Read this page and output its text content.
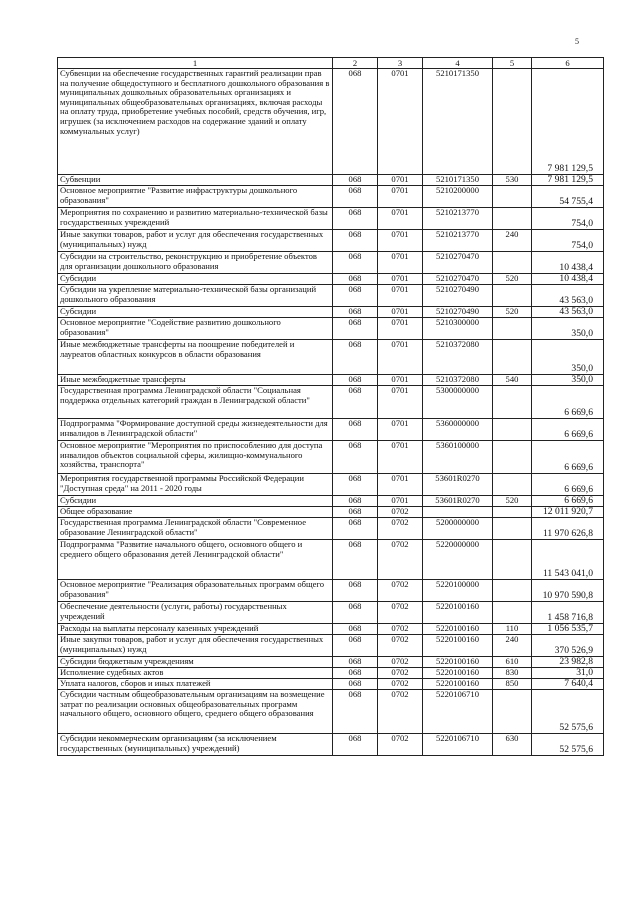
5
1	2	3	4	5	6
Субвенции на обеспечение государственных гарантий реализации прав на получение общедоступного и бесплатного дошкольного образования в муниципальных дошкольных образовательных организациях и муниципальных общеобразовательных организациях, включая расходы на оплату труда, приобретение учебных пособий, средств обучения, игр, игрушек (за исключением расходов на содержание зданий и оплату коммунальных услуг)	068	0701	5210171350		7 981 129,5
Субвенции	068	0701	5210171350	530	7 981 129,5
Основное мероприятие "Развитие инфраструктуры дошкольного образования"	068	0701	5210200000		54 755,4
Мероприятия по сохранению и развитию материально-технической базы государственных учреждений	068	0701	5210213770		754,0
Иные закупки товаров, работ и услуг для обеспечения государственных (муниципальных) нужд	068	0701	5210213770	240	754,0
Субсидии на строительство, реконструкцию и приобретение объектов для организации дошкольного образования	068	0701	5210270470		10 438,4
Субсидии	068	0701	5210270470	520	10 438,4
Субсидии на укрепление материально-технической базы организаций дошкольного образования	068	0701	5210270490		43 563,0
Субсидии	068	0701	5210270490	520	43 563,0
Основное мероприятие "Содействие развитию дошкольного образования"	068	0701	5210300000		350,0
Иные межбюджетные трансферты на поощрение победителей и лауреатов областных конкурсов в области образования	068	0701	5210372080		350,0
Иные межбюджетные трансферты	068	0701	5210372080	540	350,0
Государственная программа Ленинградской области "Социальная поддержка отдельных категорий граждан в Ленинградской области"	068	0701	5300000000		6 669,6
Подпрограмма "Формирование доступной среды жизнедеятельности для инвалидов в Ленинградской области"	068	0701	5360000000		6 669,6
Основное мероприятие "Мероприятия по приспособлению для доступа инвалидов объектов социальной сферы, жилищно-коммунального хозяйства, транспорта"	068	0701	5360100000		6 669,6
Мероприятия государственной программы Российской Федерации "Доступная среда" на 2011 - 2020 годы	068	0701	53601R0270		6 669,6
Субсидии	068	0701	53601R0270	520	6 669,6
Общее образование	068	0702			12 011 920,7
Государственная программа Ленинградской области "Современное образование Ленинградской области"	068	0702	5200000000		11 970 626,8
Подпрограмма "Развитие начального общего, основного общего и среднего общего образования детей Ленинградской области"	068	0702	5220000000		11 543 041,0
Основное мероприятие "Реализация образовательных программ общего образования"	068	0702	5220100000		10 970 590,8
Обеспечение деятельности (услуги, работы) государственных учреждений	068	0702	5220100160		1 458 716,8
Расходы на выплаты персоналу казенных учреждений	068	0702	5220100160	110	1 056 535,7
Иные закупки товаров, работ и услуг для обеспечения государственных (муниципальных) нужд	068	0702	5220100160	240	370 526,9
Субсидии бюджетным учреждениям	068	0702	5220100160	610	23 982,8
Исполнение судебных актов	068	0702	5220100160	830	31,0
Уплата налогов, сборов и иных платежей	068	0702	5220100160	850	7 640,4
Субсидии частным общеобразовательным организациям на возмещение затрат по реализации основных общеобразовательных программ начального общего, основного общего, среднего общего образования	068	0702	5220106710		52 575,6
Субсидии некоммерческим организациям (за исключением государственных (муниципальных) учреждений)	068	0702	5220106710	630	52 575,6
